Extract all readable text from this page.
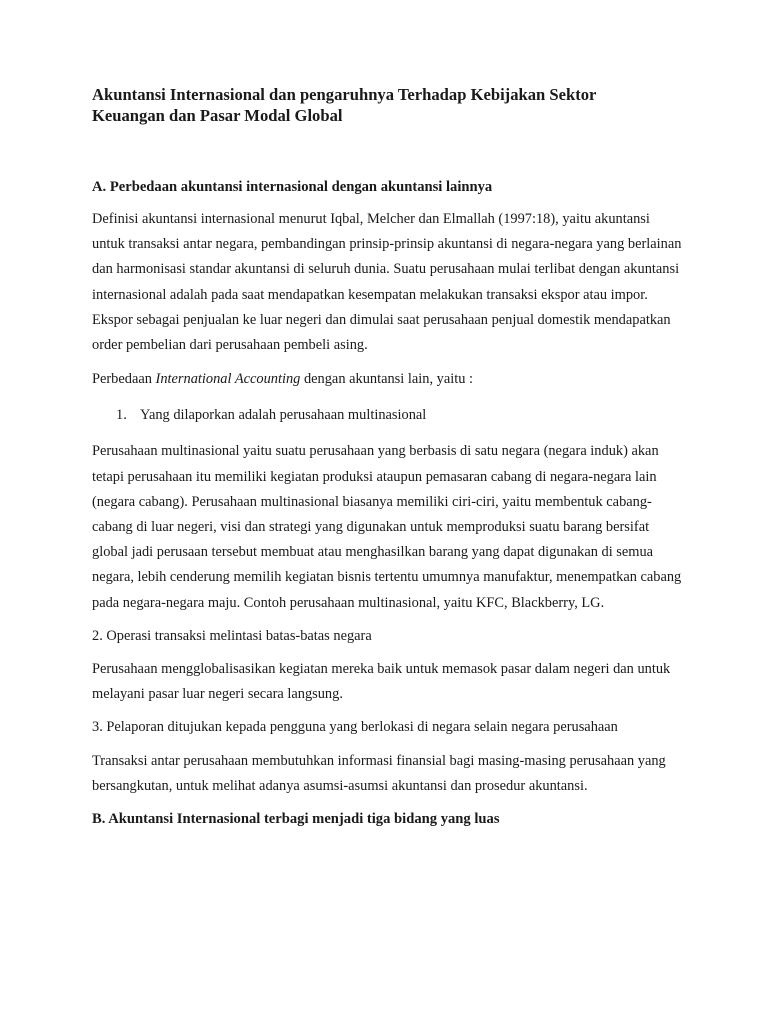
Akuntansi Internasional dan pengaruhnya Terhadap Kebijakan Sektor
Keuangan dan Pasar Modal Global
A. Perbedaan akuntansi internasional dengan akuntansi lainnya

Definisi akuntansi internasional menurut Iqbal, Melcher dan Elmallah (1997:18), yaitu akuntansi untuk transaksi antar negara, pembandingan prinsip-prinsip akuntansi di negara-negara yang berlainan dan harmonisasi standar akuntansi di seluruh dunia. Suatu perusahaan mulai terlibat dengan akuntansi internasional adalah pada saat mendapatkan kesempatan melakukan transaksi ekspor atau impor. Ekspor sebagai penjualan ke luar negeri dan dimulai saat perusahaan penjual domestik mendapatkan order pembelian dari perusahaan pembeli asing.

Perbedaan International Accounting dengan akuntansi lain, yaitu :

1. Yang dilaporkan adalah perusahaan multinasional

Perusahaan multinasional yaitu suatu perusahaan yang berbasis di satu negara (negara induk) akan tetapi perusahaan itu memiliki kegiatan produksi ataupun pemasaran cabang di negara-negara lain (negara cabang). Perusahaan multinasional biasanya memiliki ciri-ciri, yaitu membentuk cabang-cabang di luar negeri, visi dan strategi yang digunakan untuk memproduksi suatu barang bersifat global jadi perusaan tersebut membuat atau menghasilkan barang yang dapat digunakan di semua negara, lebih cenderung memilih kegiatan bisnis tertentu umumnya manufaktur, menempatkan cabang pada negara-negara maju. Contoh perusahaan multinasional, yaitu KFC, Blackberry, LG.

2. Operasi transaksi melintasi batas-batas negara

Perusahaan mengglobalisasikan kegiatan mereka baik untuk memasok pasar dalam negeri dan untuk melayani pasar luar negeri secara langsung.

3. Pelaporan ditujukan kepada pengguna yang berlokasi di negara selain negara perusahaan

Transaksi antar perusahaan membutuhkan informasi finansial bagi masing-masing perusahaan yang bersangkutan, untuk melihat adanya asumsi-asumsi akuntansi dan prosedur akuntansi.

B. Akuntansi Internasional terbagi menjadi tiga bidang yang luas
